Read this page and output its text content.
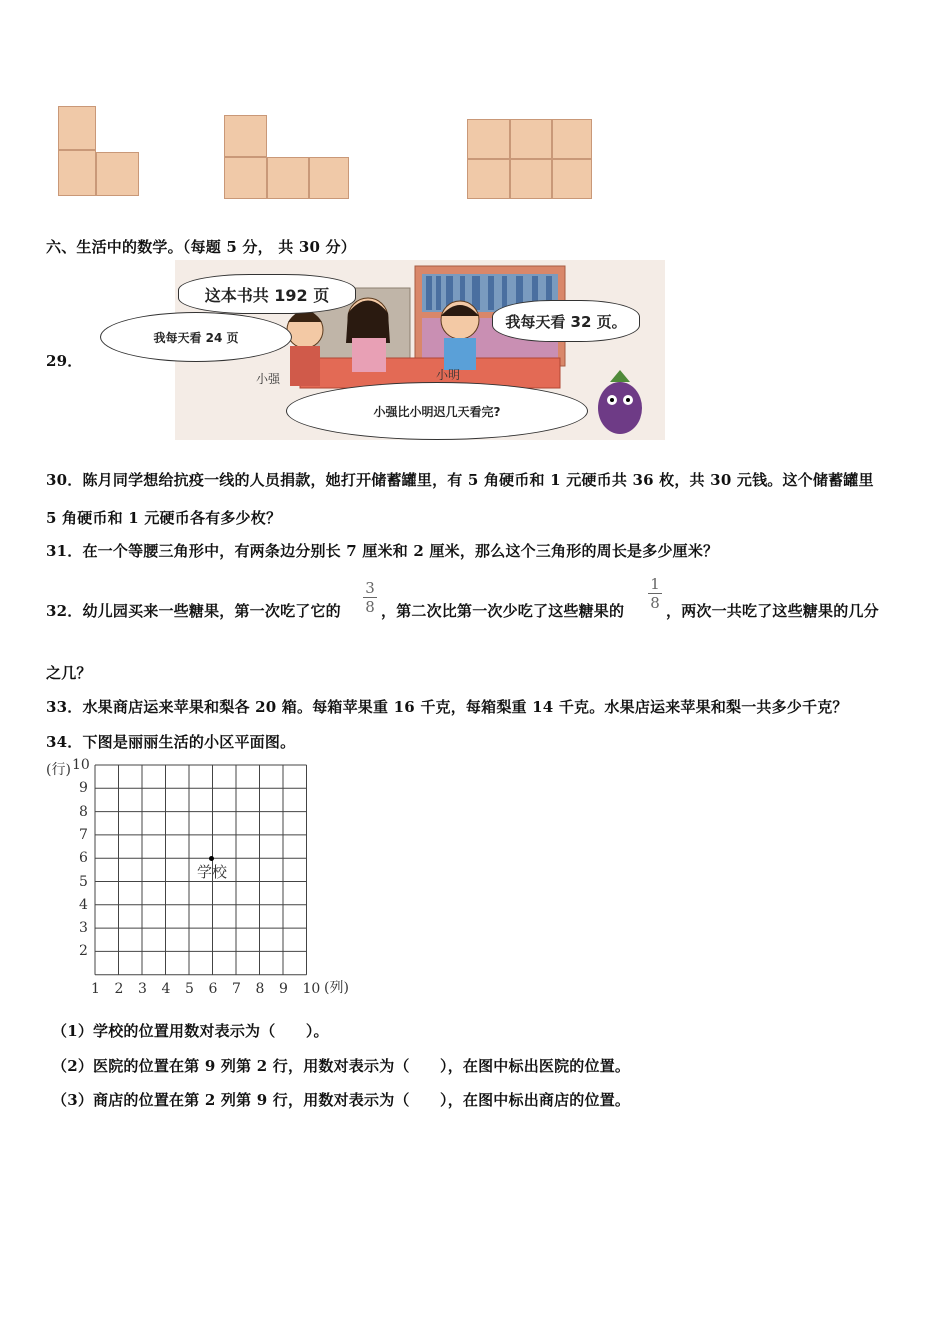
六、生活中的数学。（每题 5 分， 共 30 分）
29．
这本书共 192 页
我每天看 24 页
我每天看 32 页。
小强比小明迟几天看完?
小强	小明
30．陈月同学想给抗疫一线的人员捐款，她打开储蓄罐里，有 5 角硬币和 1 元硬币共 36 枚，共 30 元钱。这个储蓄罐里
5 角硬币和 1 元硬币各有多少枚？
31．在一个等腰三角形中，有两条边分别长 7 厘米和 2 厘米，那么这个三角形的周长是多少厘米？
32．幼儿园买来一些糖果，第一次吃了它的
3
8 ，第二次比第一次少吃了这些糖果的
1
8 ，两次一共吃了这些糖果的几分
之几？
33．水果商店运来苹果和梨各 20 箱。每箱苹果重 16 千克，每箱梨重 14 千克。水果店运来苹果和梨一共多少千克？
34．下图是丽丽生活的小区平面图。
(行)
(列)
10
9
8
7
6
5
4
3
2
1 2 3 4 5 6 7 8 9 10
学校
（1）学校的位置用数对表示为（　　）。
（2）医院的位置在第 9 列第 2 行，用数对表示为（　　），在图中标出医院的位置。
（3）商店的位置在第 2 列第 9 行，用数对表示为（　　），在图中标出商店的位置。
